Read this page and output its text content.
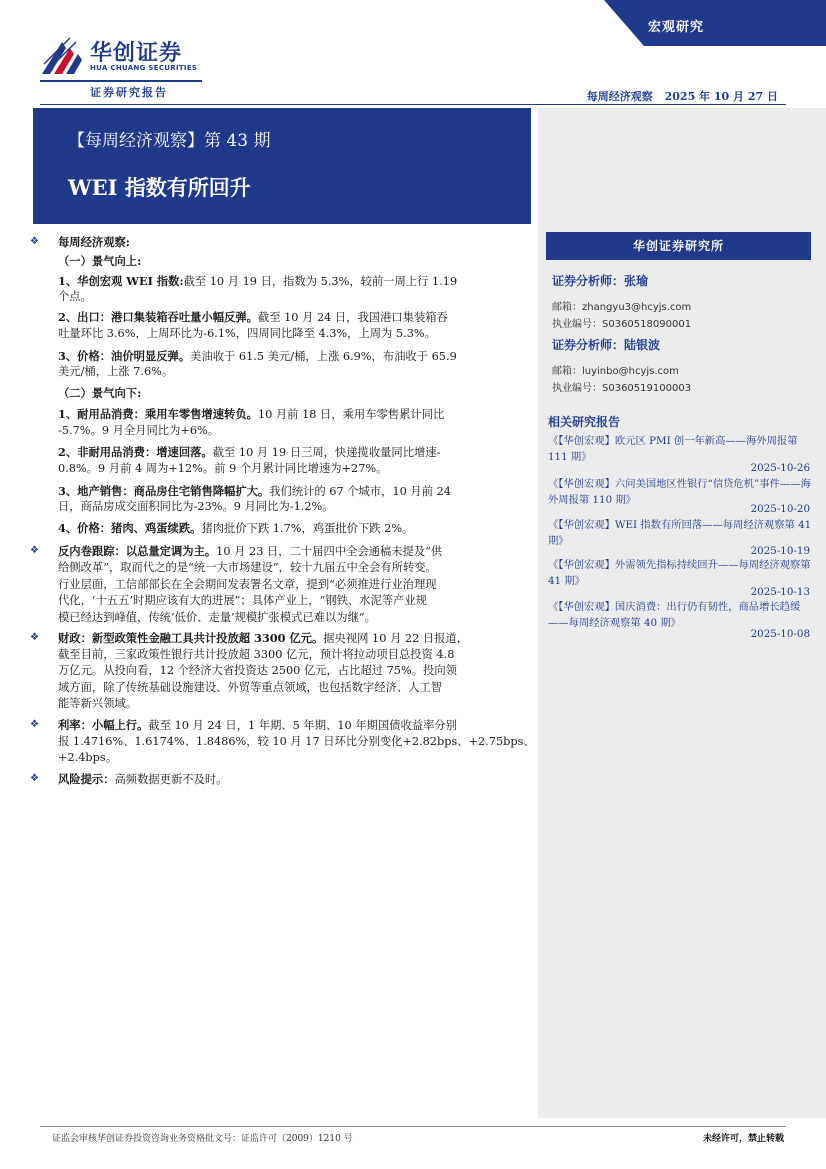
华创证券
HUA CHUANG SECURITIES
证券研究报告
宏观研究
每周经济观察 2025 年 10 月 27 日
【每周经济观察】第 43 期
WEI 指数有所回升
华创证券研究所
证券分析师：张瑜
邮箱：zhangyu3@hcyjs.com
执业编号：S0360518090001
证券分析师：陆银波
邮箱：luyinbo@hcyjs.com
执业编号：S0360519100003
相关研究报告
《【华创宏观】欧元区 PMI 创一年新高——海外周报第 111 期》
2025-10-26
《【华创宏观】六问美国地区性银行“信贷危机”事件——海外周报第 110 期》
2025-10-20
《【华创宏观】WEI 指数有所回落——每周经济观察第 41 期》
2025-10-19
《【华创宏观】外需领先指标持续回升——每周经济观察第 41 期》
2025-10-13
《【华创宏观】国庆消费：出行仍有韧性，商品增长趋缓——每周经济观察第 40 期》
2025-10-08
❖ 每周经济观察:
（一）景气向上:
1、华创宏观 WEI 指数:截至 10 月 19 日，指数为 5.3%，较前一周上行 1.19
个点。
2、出口：港口集装箱吞吐量小幅反弹。截至 10 月 24 日，我国港口集装箱吞
吐量环比 3.6%，上周环比为-6.1%，四周同比降至 4.3%，上周为 5.3%。
3、价格：油价明显反弹。美油收于 61.5 美元/桶，上涨 6.9%，布油收于 65.9
美元/桶，上涨 7.6%。
（二）景气向下:
1、耐用品消费：乘用车零售增速转负。10 月前 18 日，乘用车零售累计同比
-5.7%。9 月全月同比为+6%。
2、非耐用品消费：增速回落。截至 10 月 19 日三周，快递揽收量同比增速-
0.8%。9 月前 4 周为+12%。前 9 个月累计同比增速为+27%。
3、地产销售：商品房住宅销售降幅扩大。我们统计的 67 个城市，10 月前 24
日，商品房成交面积同比为-23%。9 月同比为-1.2%。
4、价格：猪肉、鸡蛋续跌。猪肉批价下跌 1.7%，鸡蛋批价下跌 2%。
❖ 反内卷跟踪：以总量定调为主。10 月 23 日，二十届四中全会通稿未提及“供
给侧改革”，取而代之的是“统一大市场建设”，较十九届五中全会有所转变。
行业层面，工信部部长在全会期间发表署名文章，提到“必须推进行业治理现
代化，‘十五五’时期应该有大的进展”；具体产业上，“钢铁、水泥等产业规
模已经达到峰值，传统‘低价、走量’规模扩张模式已难以为继”。
❖ 财政：新型政策性金融工具共计投放超 3300 亿元。据央视网 10 月 22 日报道，
截至目前，三家政策性银行共计投放超 3300 亿元，预计将拉动项目总投资 4.8
万亿元。从投向看，12 个经济大省投资达 2500 亿元，占比超过 75%。投向领
域方面，除了传统基础设施建设、外贸等重点领域，也包括数字经济、人工智
能等新兴领域。
❖ 利率：小幅上行。截至 10 月 24 日，1 年期、5 年期、10 年期国债收益率分别
报 1.4716%、1.6174%、1.8486%，较 10 月 17 日环比分别变化+2.82bps、+2.75bps、
+2.4bps。
❖ 风险提示：高频数据更新不及时。
证监会审核华创证券投资咨询业务资格批文号：证监许可（2009）1210 号	未经许可，禁止转载
